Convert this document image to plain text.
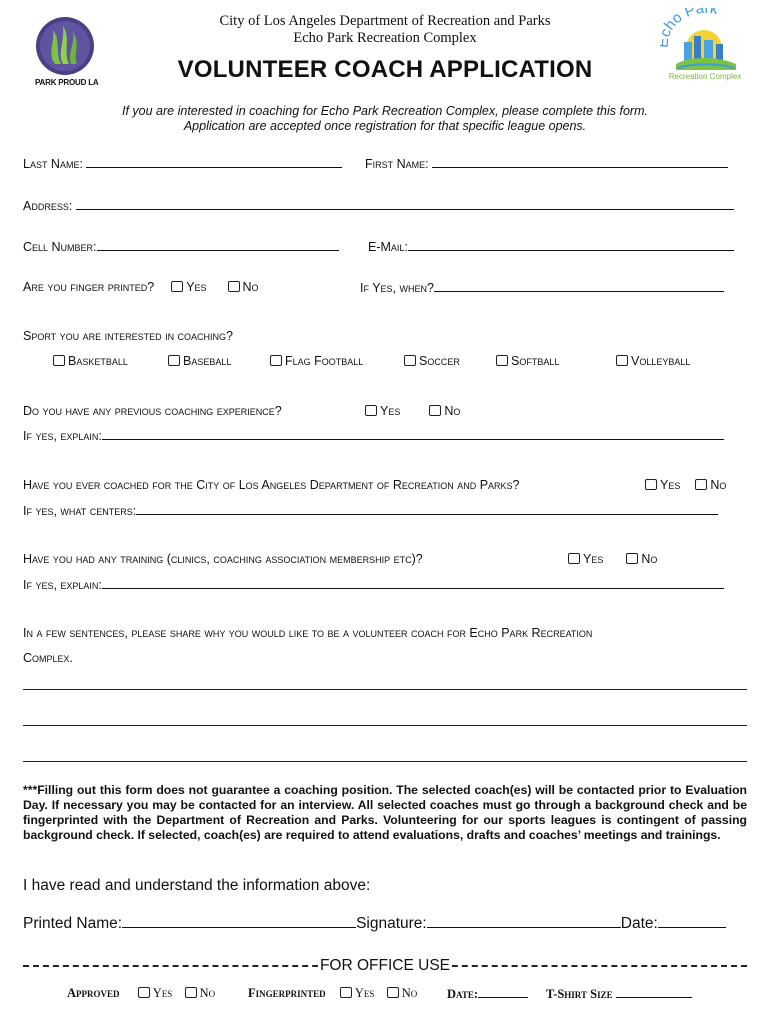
PARK PROUD LA
City of Los Angeles Department of Recreation and Parks
Echo Park Recreation Complex
VOLUNTEER COACH APPLICATION
ho Park
Recreation Complex
If you are interested in coaching for Echo Park Recreation Complex, please complete this form.
Application are accepted once registration for that specific league opens.
Last Name:	First Name:
Address:
Cell Number:	E-Mail:
Are you finger printed?	Yes	No	If Yes, when?
Sport you are interested in coaching?
Basketball	Baseball	Flag Football	Soccer	Softball	Volleyball
Do you have any previous coaching experience?	Yes	No
If yes, explain:
Have you ever coached for the City of Los Angeles Department of Recreation and Parks?	Yes No
If yes, what centers:
Have you had any training (clinics, coaching association membership etc)?	Yes	No
If yes, explain:
In a few sentences, please share why you would like to be a volunteer coach for Echo Park Recreation
Complex.
***Filling out this form does not guarantee a coaching position. The selected coach(es) will be contacted prior to Evaluation Day. If necessary you may be contacted for an interview. All selected coaches must go through a background check and be fingerprinted with the Department of Recreation and Parks. Volunteering for our sports leagues is contingent of passing background check. If selected, coach(es) are required to attend evaluations, drafts and coaches’ meetings and trainings.
I have read and understand the information above:
Printed Name:	Signature:	Date:
FOR OFFICE USE
Approved	Yes No	Fingerprinted Yes No Date:	T-Shirt Size
